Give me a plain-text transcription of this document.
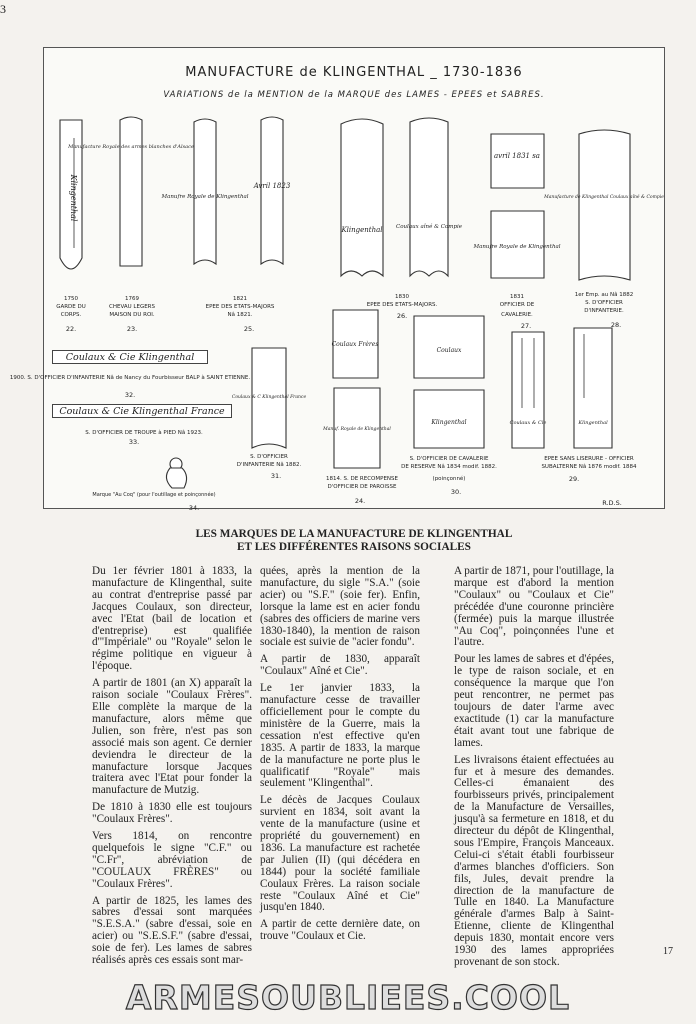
3
MANUFACTURE de KLINGENTHAL _ 1730-1836
VARIATIONS de la MENTION de la MARQUE des LAMES - EPEES et SABRES.
Klingenthal
Manufacture Royale des armes blanches d'Alsace
Manufre Royale de Klingenthal
Avril 1823
Klingenthal Coulaux aîné & Compie
avril 1831 sa
Manufre Royale de Klingenthal
Manufacture de Klingenthal Coulaux aîné & Compie
Coulaux Frères
Coulaux & C Klingenthal France
Manuf. Royale de Klingenthal
Coulaux
Klingenthal	Coulaux & Cie	Klingenthal
1750
GARDE DU
CORPS.
22.
1769
CHEVAU LEGERS
MAISON DU ROI.
23.
1821
EPEE DES ETATS-MAJORS
Nâ 1821.
25.
1830
EPEE DES ETATS-MAJORS.
26.
1831
OFFICIER DE
CAVALERIE.
27.
1er Emp. au Nâ 1882
S. D'OFFICIER
D'INFANTERIE.
28.
1900. S. D'OFFICIER D'INFANTERIE Nâ de Nancy du Fourbisseur BALP à SAINT ETIENNE.
32.
S. D'OFFICIER DE TROUPE à PIED Nâ 1923.
33.
Marque "Au Coq" (pour l'outillage et poinçonnée)
34.
S. D'OFFICIER
D'INFANTERIE Nâ 1882.
31.	1814. S. DE RECOMPENSE
D'OFFICIER DE PAROISSE
24.
S. D'OFFICIER DE CAVALERIE
DE RESERVE Nâ 1834 modif. 1882.
(poinçonné)
30.
EPEE SANS LISERURE - OFFICIER
SUBALTERNE Nâ 1876 modif. 1884
29.
R.D.S.
Coulaux & Cie Klingenthal
Coulaux & Cie Klingenthal France
LES MARQUES DE LA MANUFACTURE DE KLINGENTHAL
ET LES DIFFÉRENTES RAISONS SOCIALES

Du 1er février 1801 à 1833, la manufacture de Klingenthal, suite au contrat d'entreprise passé par Jacques Coulaux, son directeur, avec l'Etat (bail de location et d'entreprise) est qualifiée d'"Impériale" ou "Royale" selon le régime politique en vigueur à l'époque.

A partir de 1801 (an X) apparaît la raison sociale "Coulaux Frères". Elle complète la marque de la manufacture, alors même que Julien, son frère, n'est pas son associé mais son agent. Ce dernier deviendra le directeur de la manufacture lorsque Jacques traitera avec l'Etat pour fonder la manufacture de Mutzig.

De 1810 à 1830 elle est toujours "Coulaux Frères".

Vers 1814, on rencontre quelquefois le signe "C.F." ou "C.Fr", abréviation de "COULAUX FRÈRES" ou "Coulaux Frères".

A partir de 1825, les lames des sabres d'essai sont marquées "S.E.S.A." (sabre d'essai, soie en acier) ou "S.E.S.F." (sabre d'essai, soie de fer). Les lames de sabres réalisés après ces essais sont mar-

quées, après la mention de la manufacture, du sigle "S.A." (soie acier) ou "S.F." (soie fer). Enfin, lorsque la lame est en acier fondu (sabres des officiers de marine vers 1830-1840), la mention de raison sociale est suivie de "acier fondu".

A partir de 1830, apparaît "Coulaux" Aîné et Cie".

Le 1er janvier 1833, la manufacture cesse de travailler officiellement pour le compte du ministère de la Guerre, mais la cessation n'est effective qu'en 1835. A partir de 1833, la marque de la manufacture ne porte plus le qualificatif "Royale" mais seulement "Klingenthal".

Le décès de Jacques Coulaux survient en 1834, soit avant la vente de la manufacture (usine et propriété du gouvernement) en 1836. La manufacture est rachetée par Julien (II) (qui décédera en 1844) pour la société familiale Coulaux Frères. La raison sociale reste "Coulaux Aîné et Cie" jusqu'en 1840.

A partir de cette dernière date, on trouve "Coulaux et Cie.

A partir de 1871, pour l'outillage, la marque est d'abord la mention "Coulaux" ou "Coulaux et Cie" précédée d'une couronne princière (fermée) puis la marque illustrée "Au Coq", poinçonnées l'une et l'autre.

Pour les lames de sabres et d'épées, le type de raison sociale, et en conséquence la marque que l'on peut rencontrer, ne permet pas toujours de dater l'arme avec exactitude (1) car la manufacture était avant tout une fabrique de lames.

Les livraisons étaient effectuées au fur et à mesure des demandes. Celles-ci émanaient des fourbisseurs privés, principalement de la Manufacture de Versailles, jusqu'à sa fermeture en 1818, et du directeur du dépôt de Klingenthal, sous l'Empire, François Manceaux. Celui-ci s'était établi fourbisseur d'armes blanches d'officiers. Son fils, Jules, devait prendre la direction de la manufacture de Tulle en 1840. La Manufacture générale d'armes Balp à Saint-Etienne, cliente de Klingenthal depuis 1830, montait encore vers 1930 des lames appropriées provenant de son stock.

17
ARMESOUBLIEES.COOL
